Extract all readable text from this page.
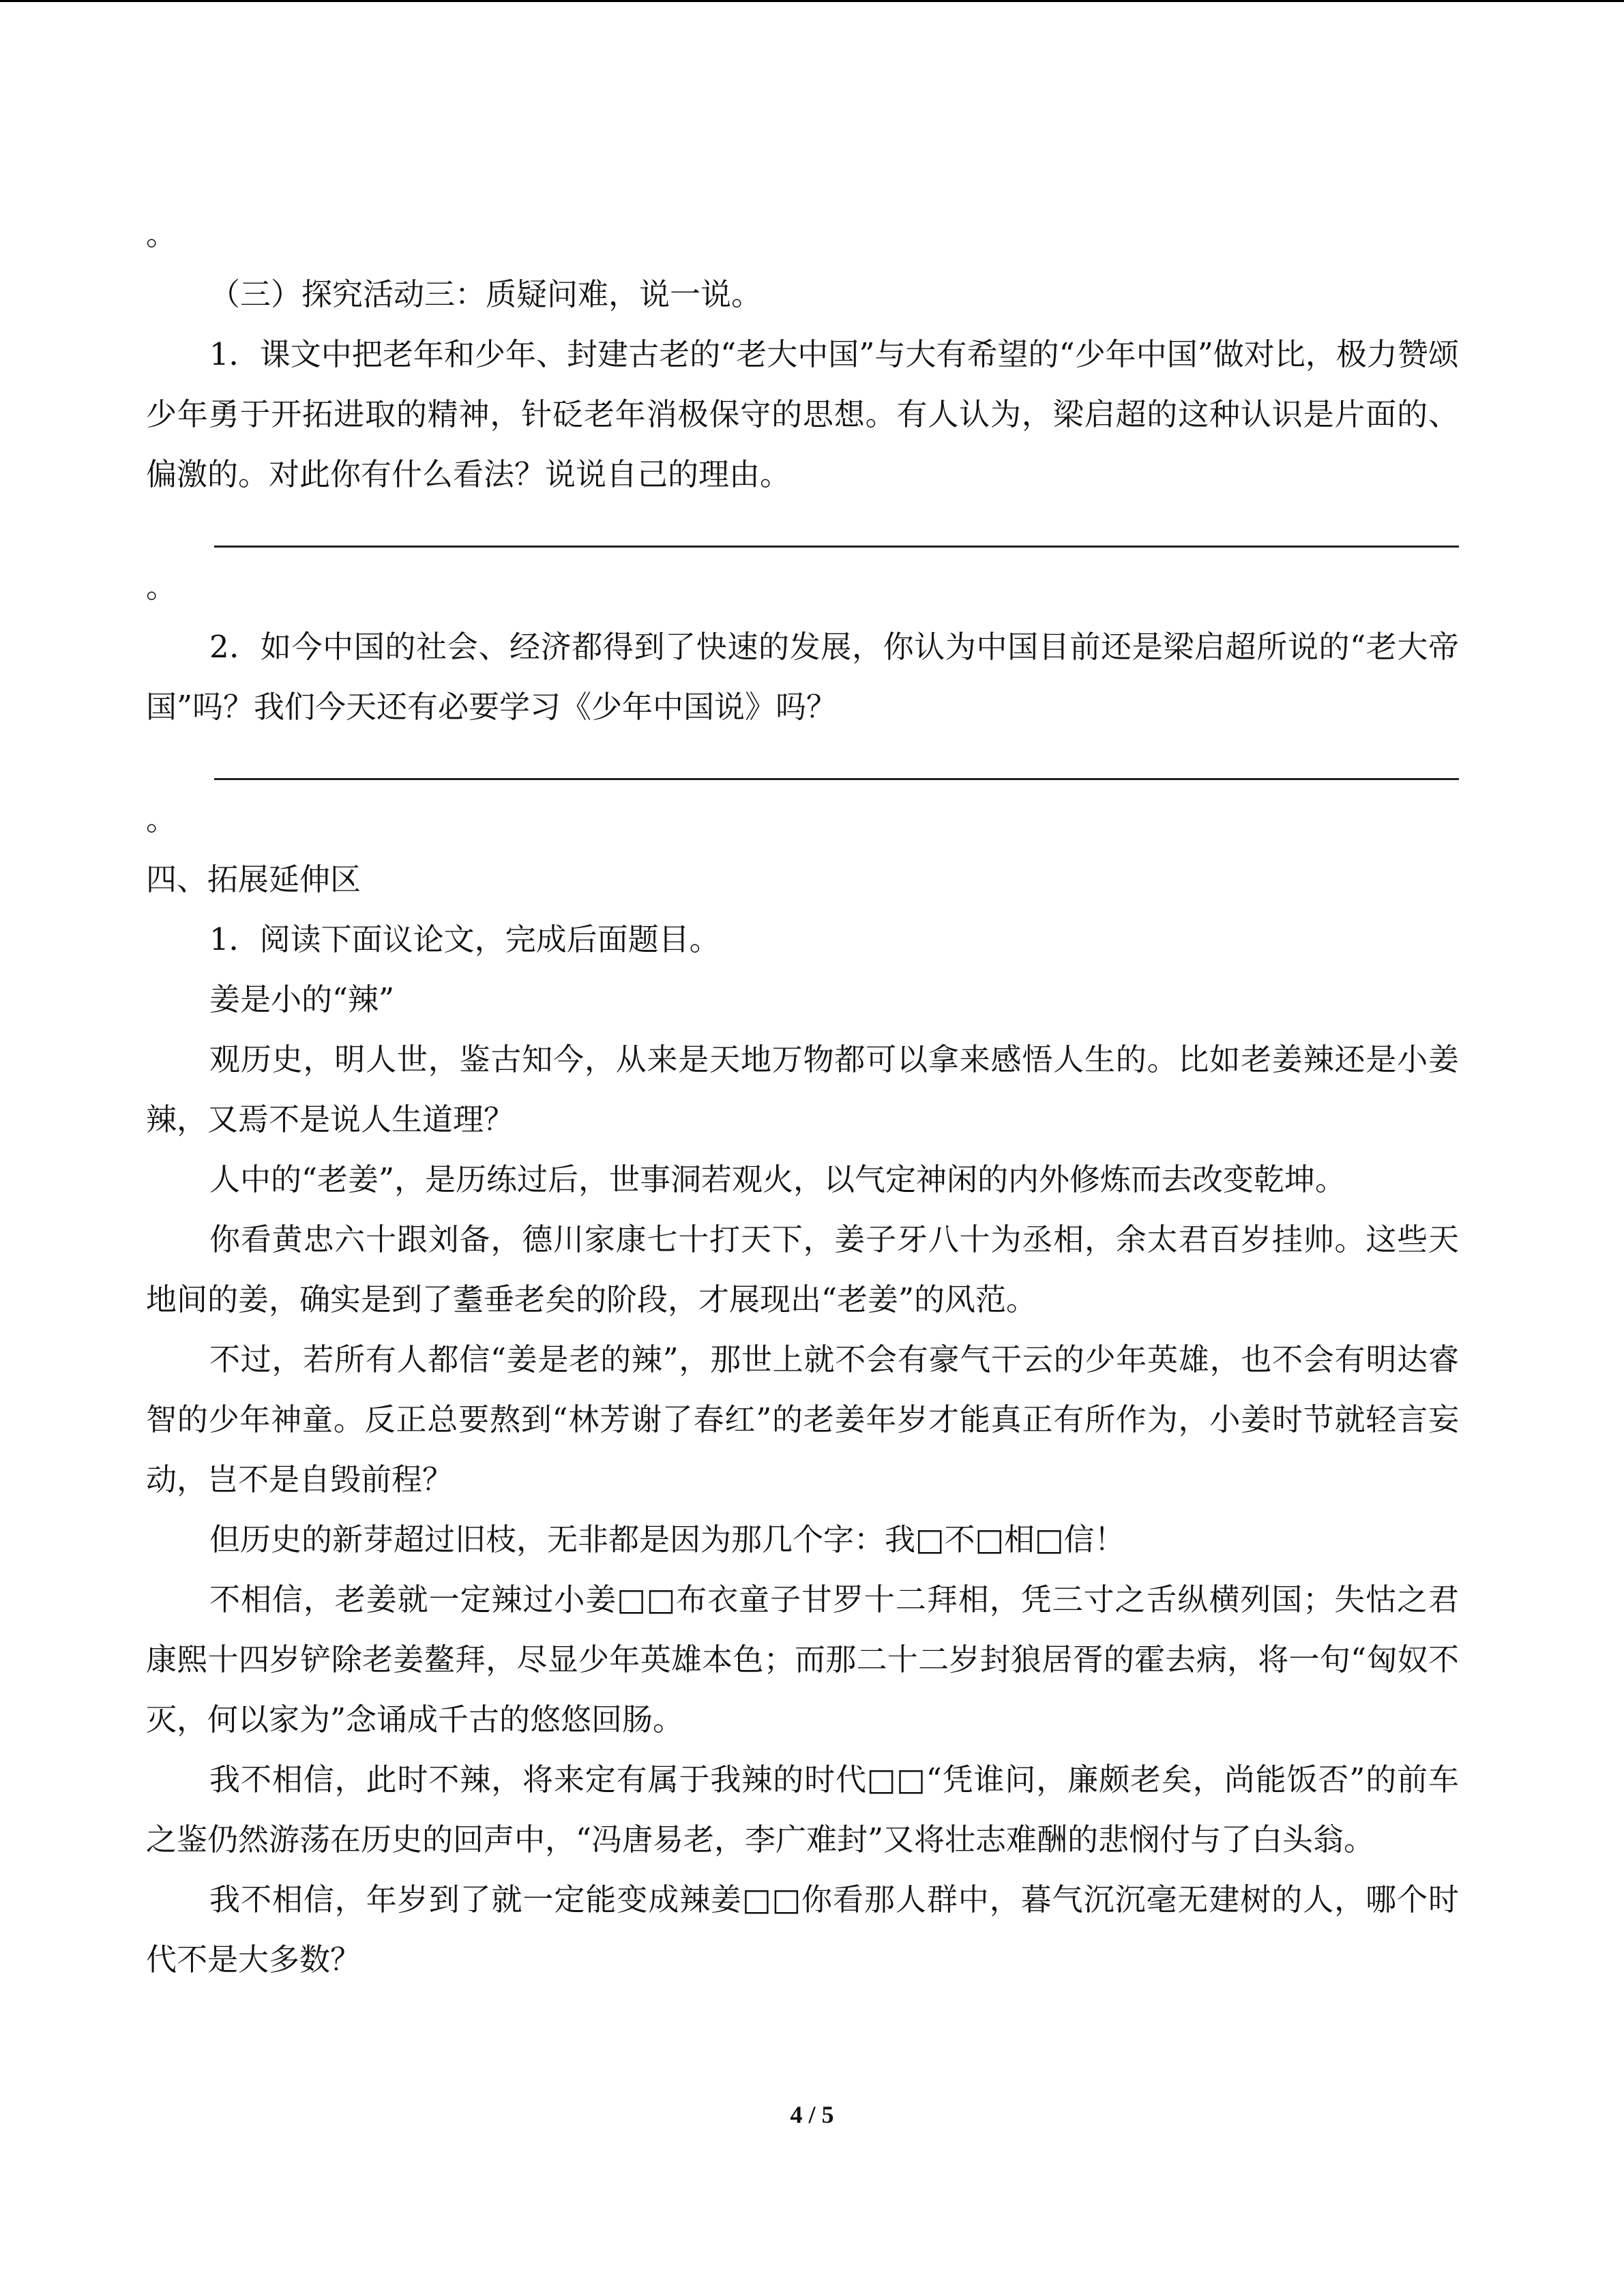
。

（三）探究活动三：质疑问难，说一说。

1．课文中把老年和少年、封建古老的“老大中国”与大有希望的“少年中国”做对比，极力赞颂少年勇于开拓进取的精神，针砭老年消极保守的思想。有人认为，梁启超的这种认识是片面的、偏激的。对此你有什么看法？说说自己的理由。

。

2．如今中国的社会、经济都得到了快速的发展，你认为中国目前还是梁启超所说的“老大帝国”吗？我们今天还有必要学习《少年中国说》吗？

。

四、拓展延伸区

1．阅读下面议论文，完成后面题目。

姜是小的“辣”

观历史，明人世，鉴古知今，从来是天地万物都可以拿来感悟人生的。比如老姜辣还是小姜辣，又焉不是说人生道理？

人中的“老姜”，是历练过后，世事洞若观火，以气定神闲的内外修炼而去改变乾坤。

你看黄忠六十跟刘备，德川家康七十打天下，姜子牙八十为丞相，余太君百岁挂帅。这些天地间的姜，确实是到了耋垂老矣的阶段，才展现出“老姜”的风范。

不过，若所有人都信“姜是老的辣”，那世上就不会有豪气干云的少年英雄，也不会有明达睿智的少年神童。反正总要熬到“林芳谢了春红”的老姜年岁才能真正有所作为，小姜时节就轻言妄动，岂不是自毁前程？

但历史的新芽超过旧枝，无非都是因为那几个字：我□不□相□信！

不相信，老姜就一定辣过小姜□□布衣童子甘罗十二拜相，凭三寸之舌纵横列国；失怙之君康熙十四岁铲除老姜鳌拜，尽显少年英雄本色；而那二十二岁封狼居胥的霍去病，将一句“匈奴不灭，何以家为”念诵成千古的悠悠回肠。

我不相信，此时不辣，将来定有属于我辣的时代□□“凭谁问，廉颇老矣，尚能饭否”的前车之鉴仍然游荡在历史的回声中，“冯唐易老，李广难封”又将壮志难酬的悲悯付与了白头翁。

我不相信，年岁到了就一定能变成辣姜□□你看那人群中，暮气沉沉毫无建树的人，哪个时代不是大多数？

4 / 5
